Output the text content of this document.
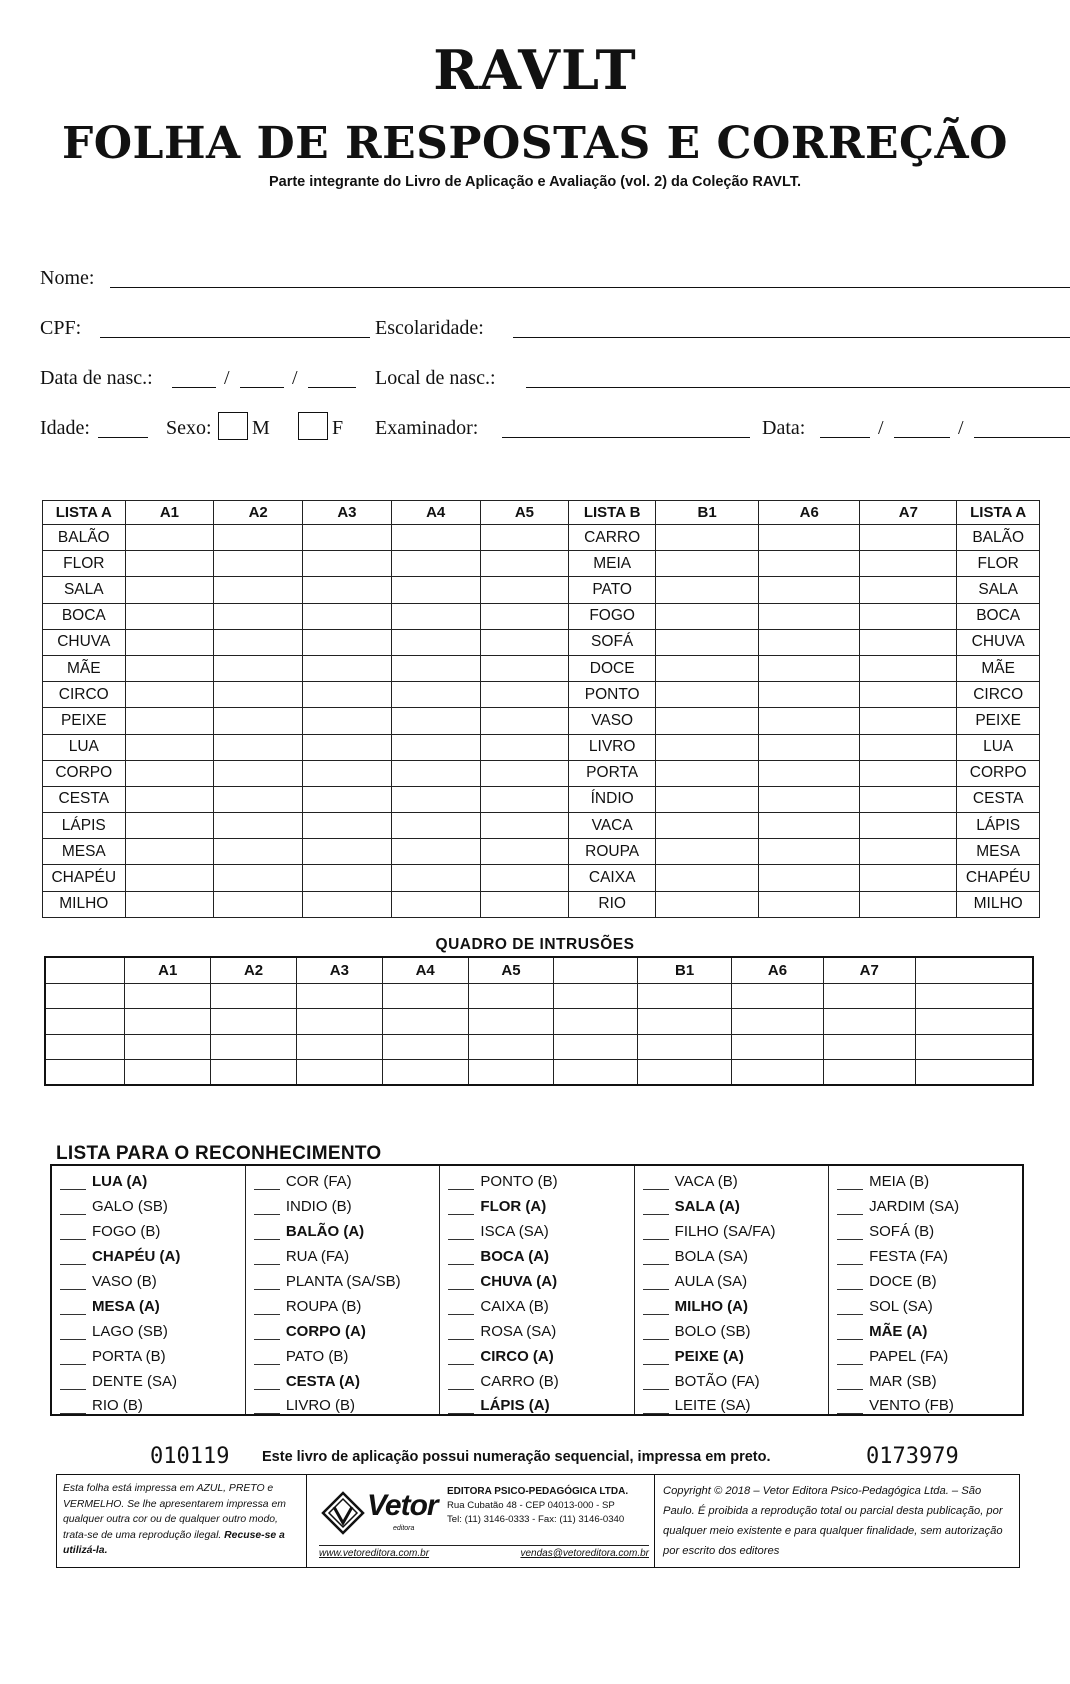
RAVLT
FOLHA DE RESPOSTAS E CORREÇÃO
Parte integrante do Livro de Aplicação e Avaliação (vol. 2) da Coleção RAVLT.
Nome:
CPF:	Escolaridade:
Data de nasc.:	/	/	Local de nasc.:
Idade:	Sexo: M	F Examinador:	Data:	/	/
LISTA A	A1	A2	A3	A4	A5	LISTA B	B1	A6	A7	LISTA A
BALÃO						CARRO				BALÃO
FLOR						MEIA				FLOR
SALA						PATO				SALA
BOCA						FOGO				BOCA
CHUVA						SOFÁ				CHUVA
MÃE						DOCE				MÃE
CIRCO						PONTO				CIRCO
PEIXE						VASO				PEIXE
LUA						LIVRO				LUA
CORPO						PORTA				CORPO
CESTA						ÍNDIO				CESTA
LÁPIS						VACA				LÁPIS
MESA						ROUPA				MESA
CHAPÉU						CAIXA				CHAPÉU
MILHO						RIO				MILHO
QUADRO DE INTRUSÕES
	A1	A2	A3	A4	A5		B1	A6	A7	

LISTA PARA O RECONHECIMENTO
LUA (A)	COR (FA)	PONTO (B)	VACA (B)	MEIA (B)
GALO (SB)	INDIO (B)	FLOR (A)	SALA (A)	JARDIM (SA)
FOGO (B)	BALÃO (A)	ISCA (SA)	FILHO (SA/FA)	SOFÁ (B)
CHAPÉU (A)	RUA (FA)	BOCA (A)	BOLA (SA)	FESTA (FA)
VASO (B)	PLANTA (SA/SB)	CHUVA (A)	AULA (SA)	DOCE (B)
MESA (A)	ROUPA (B)	CAIXA (B)	MILHO (A)	SOL (SA)
LAGO (SB)	CORPO (A)	ROSA (SA)	BOLO (SB)	MÃE (A)
PORTA (B)	PATO (B)	CIRCO (A)	PEIXE (A)	PAPEL (FA)
DENTE (SA)	CESTA (A)	CARRO (B)	BOTÃO (FA)	MAR (SB)
RIO (B)	LIVRO (B)	LÁPIS (A)	LEITE (SA)	VENTO (FB)
010119 Este livro de aplicação possui numeração sequencial, impressa em preto.	0173979
Esta folha está impressa em AZUL, PRETO e VERMELHO. Se lhe apresentarem impressa em qualquer outra cor ou de qualquer outro modo, trata-se de uma reprodução ilegal. Recuse-se a utilizá-la.
Vetor
editora
EDITORA PSICO-PEDAGÓGICA LTDA.
Rua Cubatão 48 - CEP 04013-000 - SP
Tel: (11) 3146-0333 - Fax: (11) 3146-0340
www.vetoreditora.com.br	vendas@vetoreditora.com.br
Copyright © 2018 – Vetor Editora Psico-Pedagógica Ltda. – São Paulo. É proibida a reprodução total ou parcial desta publicação, por qualquer meio existente e para qualquer finalidade, sem autorização por escrito dos editores
